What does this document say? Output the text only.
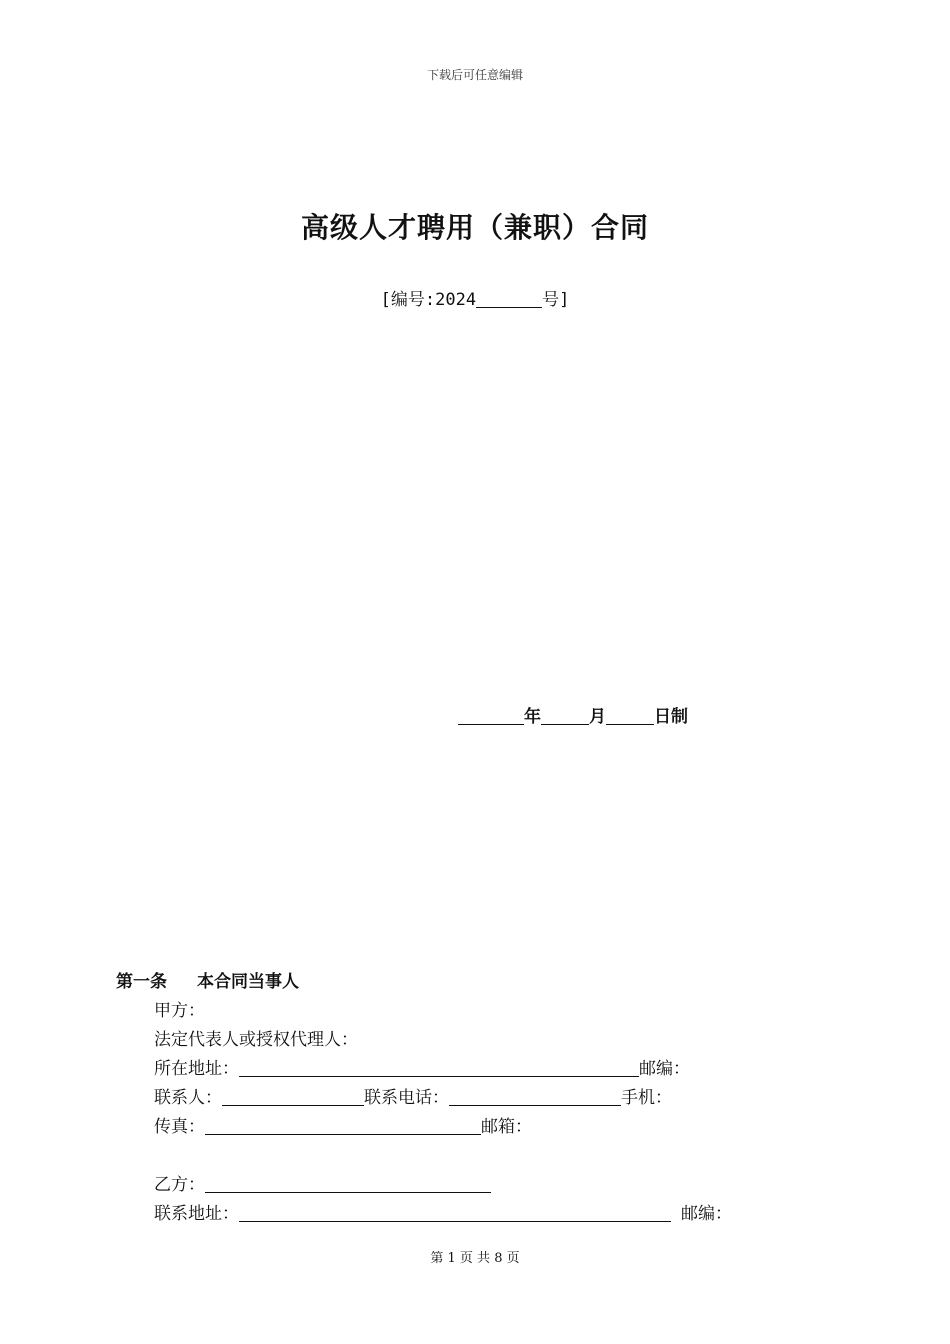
下载后可任意编辑
高级人才聘用（兼职）合同
[编号:2024	号]
年	月	日制
第一条 本合同当事人
甲方：
法定代表人或授权代理人：
所在地址：	邮编：
联系人：	联系电话：	手机：
传真：	邮箱：
乙方：
联系地址：	邮编：
第 1 页 共 8 页
